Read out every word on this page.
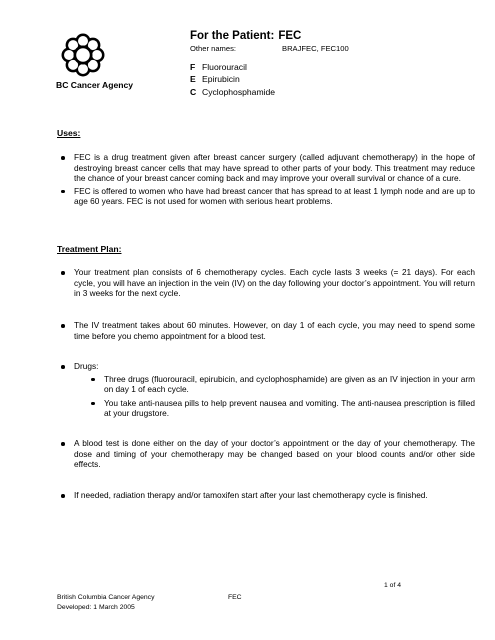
BC Cancer Agency
For the Patient: FEC
Other names:	BRAJFEC, FEC100
F Fluorouracil
E Epirubicin
C Cyclophosphamide
Uses:
FEC is a drug treatment given after breast cancer surgery (called adjuvant chemotherapy) in the hope of destroying breast cancer cells that may have spread to other parts of your body. This treatment may reduce the chance of your breast cancer coming back and may improve your overall survival or chance of a cure.
FEC is offered to women who have had breast cancer that has spread to at least 1 lymph node and are up to age 60 years. FEC is not used for women with serious heart problems.
Treatment Plan:
Your treatment plan consists of 6 chemotherapy cycles. Each cycle lasts 3 weeks (= 21 days). For each cycle, you will have an injection in the vein (IV) on the day following your doctor’s appointment. You will return in 3 weeks for the next cycle.
The IV treatment takes about 60 minutes. However, on day 1 of each cycle, you may need to spend some time before you chemo appointment for a blood test.
Drugs:
Three drugs (fluorouracil, epirubicin, and cyclophosphamide) are given as an IV injection in your arm on day 1 of each cycle.
You take anti-nausea pills to help prevent nausea and vomiting. The anti-nausea prescription is filled at your drugstore.
A blood test is done either on the day of your doctor’s appointment or the day of your chemotherapy. The dose and timing of your chemotherapy may be changed based on your blood counts and/or other side effects.
If needed, radiation therapy and/or tamoxifen start after your last chemotherapy cycle is finished.
1 of 4
British Columbia Cancer Agency	FEC
Developed: 1 March 2005
